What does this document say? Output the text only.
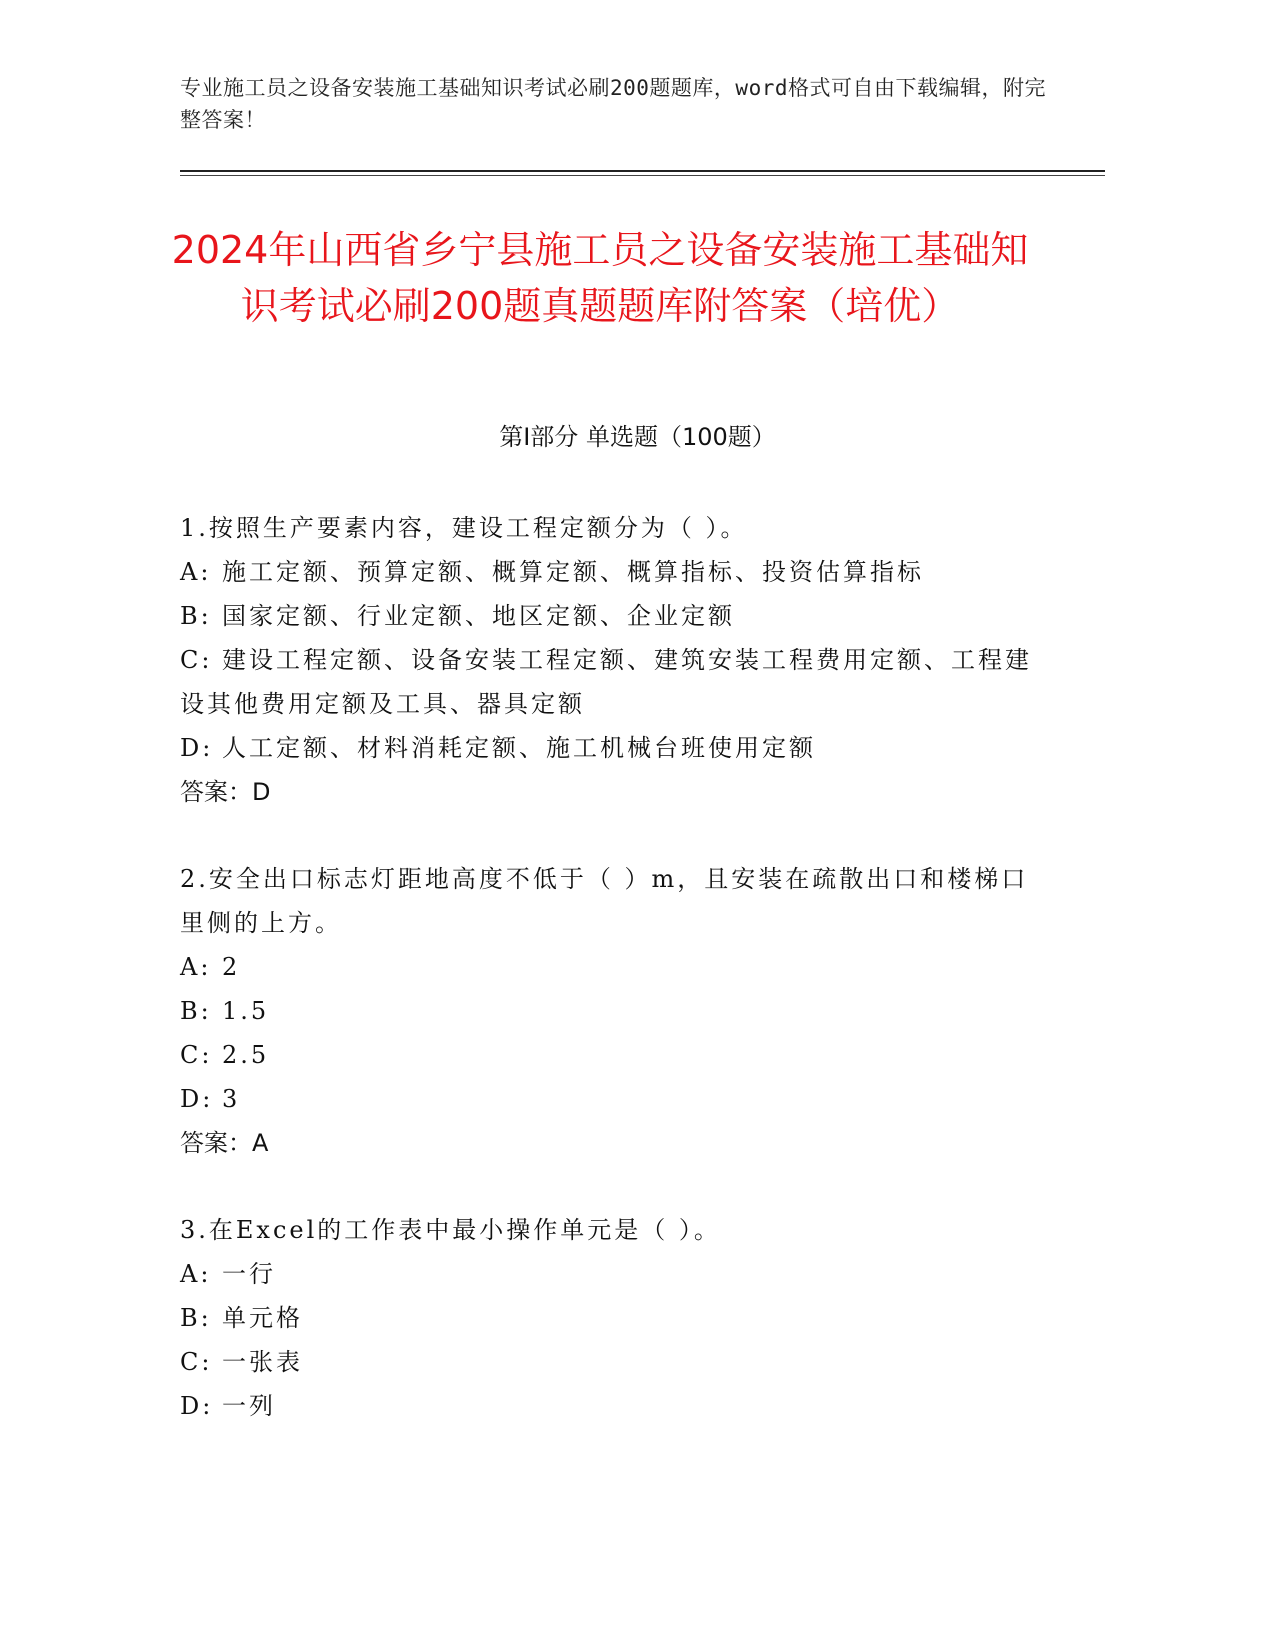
专业施工员之设备安装施工基础知识考试必刷200题题库，word格式可自由下载编辑，附完整答案！
2024年山西省乡宁县施工员之设备安装施工基础知识考试必刷200题真题题库附答案（培优）
第Ⅰ部分 单选题（100题）
1.按照生产要素内容，建设工程定额分为（ ）。
A: 施工定额、预算定额、概算定额、概算指标、投资估算指标
B: 国家定额、行业定额、地区定额、企业定额
C: 建设工程定额、设备安装工程定额、建筑安装工程费用定额、工程建设其他费用定额及工具、器具定额
D: 人工定额、材料消耗定额、施工机械台班使用定额
答案：D
2.安全出口标志灯距地高度不低于（ ）m，且安装在疏散出口和楼梯口里侧的上方。
A: 2
B: 1.5
C: 2.5
D: 3
答案：A
3.在Excel的工作表中最小操作单元是（ ）。
A: 一行
B: 单元格
C: 一张表
D: 一列
